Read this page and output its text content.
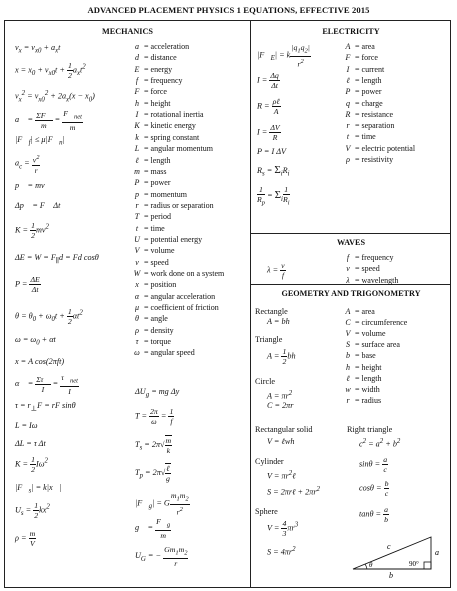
ADVANCED PLACEMENT PHYSICS 1 EQUATIONS, EFFECTIVE 2015
MECHANICS	ELECTRICITY
WAVES
GEOMETRY AND TRIGONOMETRY
$v_x = v_{x0} + a_xt$
$x = x_0 + v_{x0}t + \frac{1}{2} a_xt^2$
$v_x^2 = v_{x0}^2 + 2a_x(x - x_0)$
a⃗ = $\frac{\Sigma F⃗}{m}$ =
$F⃗_{net}$
m
$|F⃗_f|$ ≤ $\mu|F⃗_n|$
$a_c = \frac{v^2}{r}$
p⃗ = mv⃗
Δp⃗ = F⃗ Δt
$K = \frac{1}{2} mv^2$
$\Delta E = W = F_\parallel d = Fd$ cosθ
$P = \frac{\Delta E}{\Delta t}$
$\theta = \theta_0 + \omega_0t + \frac{1}{2} \alpha t^2$
$\omega = \omega_0 + \alpha t$
x = A cos(2πft)
α⃗ = $\frac{\Sigma\tau⃗}{I}$ =
$\tau⃗_{net}$
I
$\tau = r_\perp F$ = rF sinθ
L = Iω
ΔL = τ Δt
$K = \frac{1}{2} I\omega^2$
$|F⃗_s|$ = k|x⃗|
$U_s = \frac{1}{2} kx^2$
$\rho = \frac{m}{V}$
$\Delta U_g$ = mg Δy
$T = \frac{2\pi}{\omega} = \frac{1}{f}$
$T_s = 2\pi√ \frac{m}{k}$
$T_p = 2\pi√$ ℓ
g
$|F⃗_g| = G \frac{m_1m_2}{r^2}$
g⃗ = $\frac{F⃗_g}{m}$
$U_G$ = − $\frac{Gm_1m_2}{r}$
a = acceleration
d = distance
E = energy
f = frequency
F = force
h = height
I = rotational inertia
K = kinetic energy
k = spring constant
L = angular momentum
ℓ = length
m = mass
P = power
p = momentum
r = radius or separation
T = period
t = time
U = potential energy
V = volume
v = speed
W = work done on a system
x = position
α = angular acceleration
μ = coefficient of friction
θ = angle
ρ = density
τ = torque
ω = angular speed
$|F⃗_E| = k \frac{|q_1q_2|}{r^2}$
$I = \frac{\Delta q}{\Delta t}$
R = ρℓ
A
$I = \frac{\Delta V}{R}$
P = I ΔV
$R_s = \Sigma_iR_i$
$\frac{1}{R_p} = \Sigma_i \frac{1}{R_i}$
A = area
F = force
I = current
ℓ = length
P = power
q = charge
R = resistance
r = separation
t = time
V = electric potential
ρ = resistivity
$\lambda = \frac{v}{f}$
f = frequency
v = speed
λ = wavelength
Rectangle
A = bh
Triangle
$A = \frac{1}{2}$ bh
Circle
$A = \pi r^2$
C = 2πr
Rectangular solid
V = ℓwh
Cylinder
$V = \pi r^2\ell$
S = 2πrℓ + $2\pi r^2$
Sphere
$V = \frac{4}{3} \pi r^3$
$S = 4\pi r^2$
A = area
C = circumference
V = volume
S = surface area
b = base
h = height
ℓ = length
w = width
r = radius
Right triangle
$c^2 = a^2 + b^2$
$\sin\theta = \frac{a}{c}$
$\cos\theta = \frac{b}{c}$
$\tan\theta = \frac{a}{b}$
c
a
b
θ	90°
